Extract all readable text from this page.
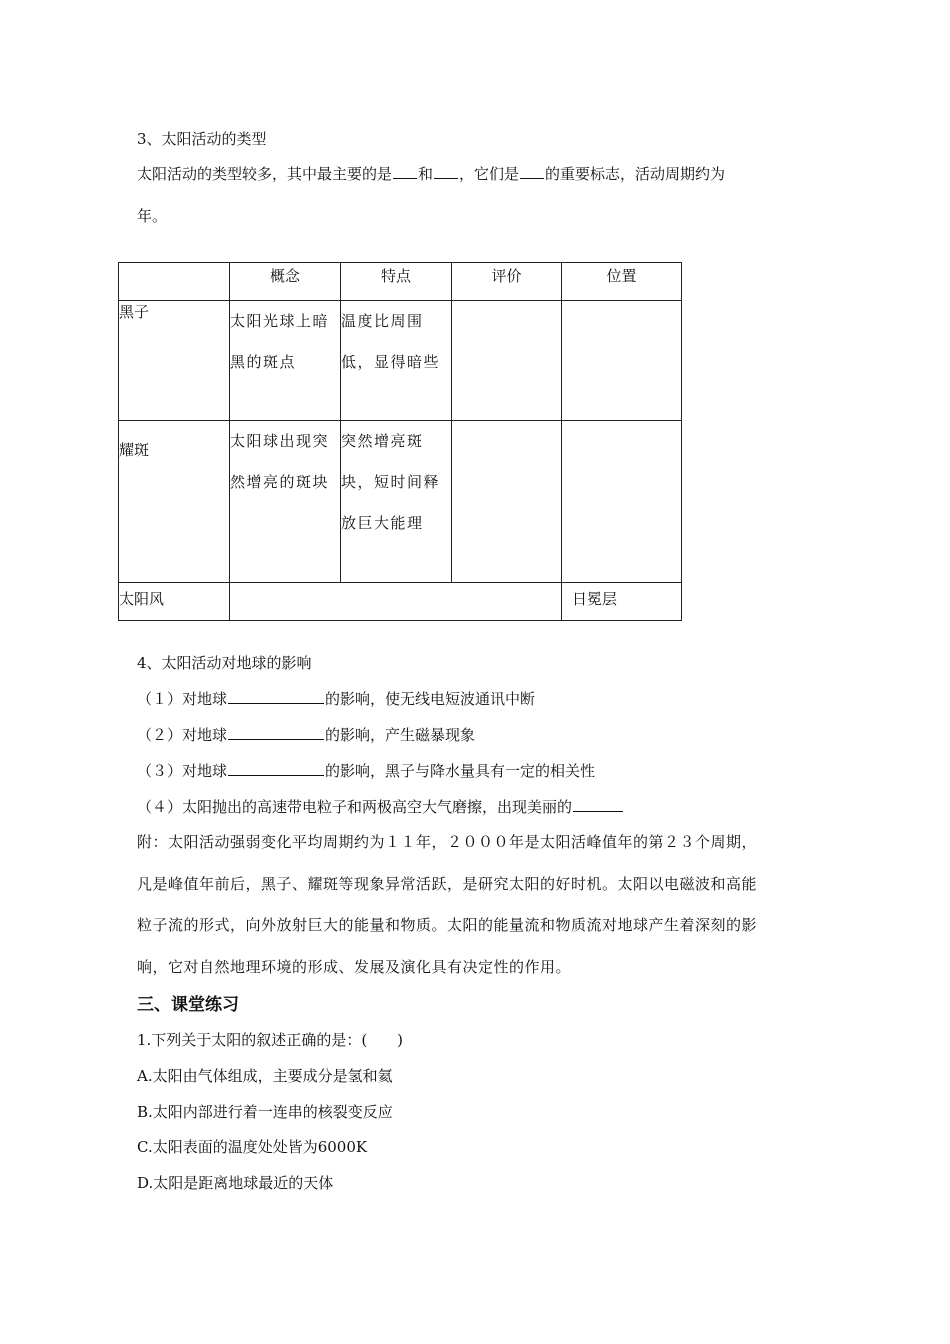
3、太阳活动的类型
太阳活动的类型较多，其中最主要的是 和 ，它们是 的重要标志，活动周期约为
年。
	概念	特点	评价	位置
黑子	太阳光球上暗黑的斑点	温度比周围低，显得暗些		
耀斑	太阳球出现突然增亮的斑块	突然增亮斑块，短时间释放巨大能理		
太阳风				日冕层
4、太阳活动对地球的影响
（１）对地球	的影响，使无线电短波通讯中断
（２）对地球	的影响，产生磁暴现象
（３）对地球	的影响，黑子与降水量具有一定的相关性
（４）太阳抛出的高速带电粒子和两极高空大气磨擦，出现美丽的
附：太阳活动强弱变化平均周期约为１１年，２０００年是太阳活峰值年的第２３个周期，
凡是峰值年前后，黑子、耀斑等现象异常活跃，是研究太阳的好时机。太阳以电磁波和高能
粒子流的形式，向外放射巨大的能量和物质。太阳的能量流和物质流对地球产生着深刻的影
响，它对自然地理环境的形成、发展及演化具有决定性的作用。
三、课堂练习
1.下列关于太阳的叙述正确的是：(　　)
A.太阳由气体组成，主要成分是氢和氦
B.太阳内部进行着一连串的核裂变反应
C.太阳表面的温度处处皆为6000K
D.太阳是距离地球最近的天体
